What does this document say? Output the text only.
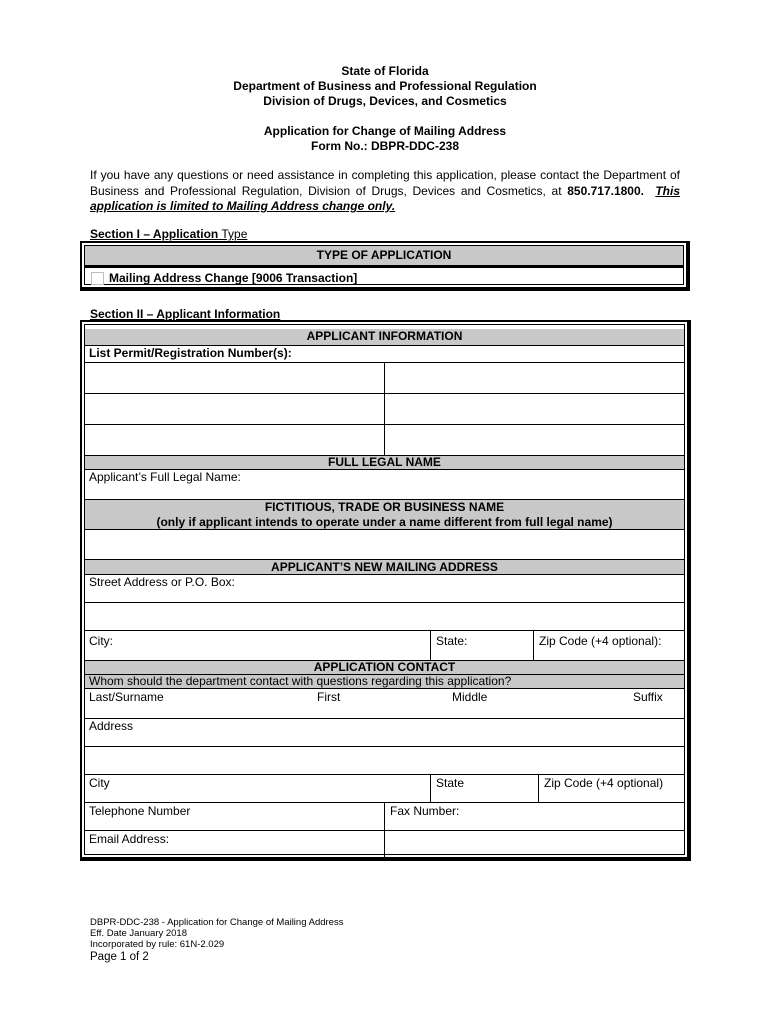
State of Florida
Department of Business and Professional Regulation
Division of Drugs, Devices, and Cosmetics
Application for Change of Mailing Address
Form No.: DBPR-DDC-238
If you have any questions or need assistance in completing this application, please contact the Department of Business and Professional Regulation, Division of Drugs, Devices and Cosmetics, at 850.717.1800. This application is limited to Mailing Address change only.
Section I – Application Type
TYPE OF APPLICATION
Mailing Address Change [9006 Transaction]
Section II – Applicant Information
APPLICANT INFORMATION
List Permit/Registration Number(s):
FULL LEGAL NAME
Applicant’s Full Legal Name:
FICTITIOUS, TRADE OR BUSINESS NAME
(only if applicant intends to operate under a name different from full legal name)
APPLICANT’S NEW MAILING ADDRESS
Street Address or P.O. Box:
City:	State:	Zip Code (+4 optional):
APPLICATION CONTACT
Whom should the department contact with questions regarding this application?
Last/Surname	First	Middle	Suffix
Address
City	State	Zip Code (+4 optional)
Telephone Number	Fax Number:
Email Address:
DBPR-DDC-238 - Application for Change of Mailing Address
Eff. Date January 2018
Incorporated by rule: 61N-2.029
Page 1 of 2
